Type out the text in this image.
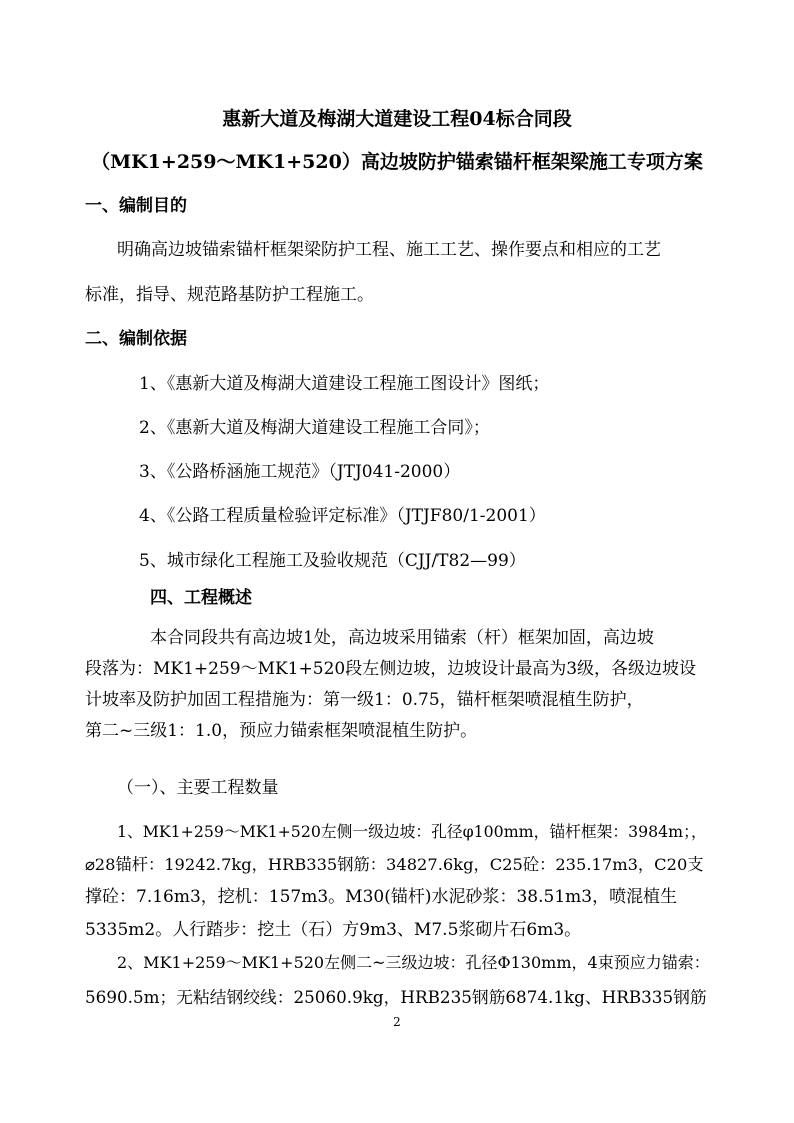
惠新大道及梅湖大道建设工程04标合同段
（MK1+259～MK1+520）高边坡防护锚索锚杆框架梁施工专项方案
一、编制目的
明确高边坡锚索锚杆框架梁防护工程、施工工艺、操作要点和相应的工艺
标准，指导、规范路基防护工程施工。
二、编制依据
1、《惠新大道及梅湖大道建设工程施工图设计》图纸；
2、《惠新大道及梅湖大道建设工程施工合同》；
3、《公路桥涵施工规范》（JTJ041-2000）
4、《公路工程质量检验评定标准》（JTJF80/1-2001）
5、城市绿化工程施工及验收规范（CJJ/T82—99）
四、工程概述
本合同段共有高边坡1处，高边坡采用锚索（杆）框架加固，高边坡
段落为：MK1+259～MK1+520段左侧边坡，边坡设计最高为3级，各级边坡设
计坡率及防护加固工程措施为：第一级1：0.75，锚杆框架喷混植生防护，
第二~三级1：1.0，预应力锚索框架喷混植生防护。
（一）、主要工程数量
1、MK1+259～MK1+520左侧一级边坡：孔径φ100mm，锚杆框架：3984m；，
⌀28锚杆：19242.7kg，HRB335钢筋：34827.6kg，C25砼：235.17m3，C20支
撑砼：7.16m3，挖机：157m3。M30(锚杆)水泥砂浆：38.51m3，喷混植生
5335m2。人行踏步：挖土（石）方9m3、M7.5浆砌片石6m3。
2、MK1+259～MK1+520左侧二~三级边坡：孔径Φ130mm，4束预应力锚索：
5690.5m；无粘结钢绞线：25060.9kg，HRB235钢筋6874.1kg、HRB335钢筋
2
